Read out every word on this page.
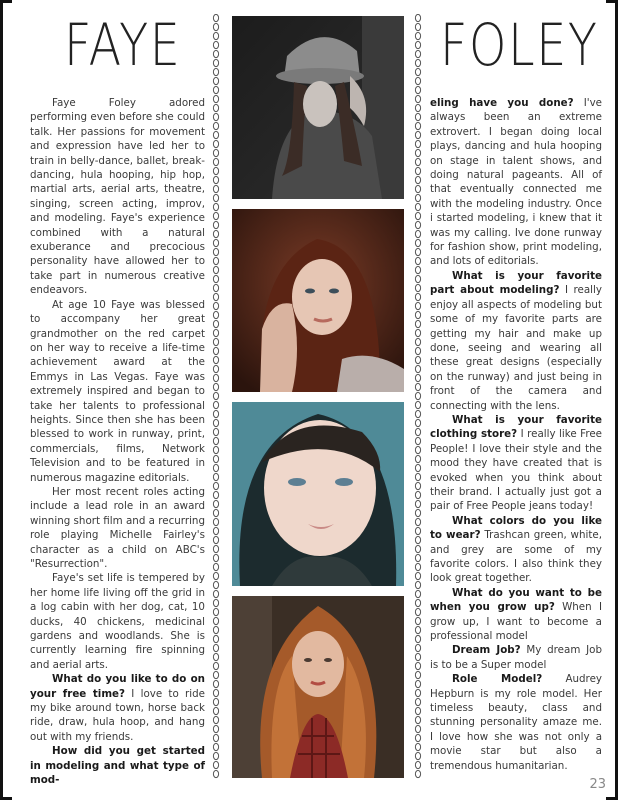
FAYE	FOLEY

Faye Foley adored performing even before she could talk. Her passions for movement and expression have led her to train in belly-dance, ballet, break-dancing, hula hooping, hip hop, martial arts, aerial arts, theatre, singing, screen acting, improv, and modeling. Faye's experience combined with a natural exuberance and precocious personality have allowed her to take part in numerous creative endeavors.

At age 10 Faye was blessed to accompany her great grandmother on the red carpet on her way to receive a life-time achievement award at the Emmys in Las Vegas. Faye was extremely inspired and began to take her talents to professional heights. Since then she has been blessed to work in runway, print, commercials, films, Network Television and to be featured in numerous magazine editorials.

Her most recent roles acting include a lead role in an award winning short film and a recurring role playing Michelle Fairley's character as a child on ABC's "Resurrection".

Faye's set life is tempered by her home life living off the grid in a log cabin with her dog, cat, 10 ducks, 40 chickens, medicinal gardens and woodlands. She is currently learning fire spinning and aerial arts.

What do you like to do on your free time? I love to ride my bike around town, horse back ride, draw, hula hoop, and hang out with my friends.

How did you get started in modeling and what type of mod-

eling have you done? I've always been an extreme extrovert. I began doing local plays, dancing and hula hooping on stage in talent shows, and doing natural pageants. All of that eventually connected me with the modeling industry. Once i started modeling, i knew that it was my calling. Ive done runway for fashion show, print modeling, and lots of editorials.

What is your favorite part about modeling? I really enjoy all aspects of modeling but some of my favorite parts are getting my hair and make up done, seeing and wearing all these great designs (especially on the runway) and just being in front of the camera and connecting with the lens.

What is your favorite clothing store? I really like Free People! I love their style and the mood they have created that is evoked when you think about their brand. I actually just got a pair of Free People jeans today!

What colors do you like to wear? Trashcan green, white, and grey are some of my favorite colors. I also think they look great together.

What do you want to be when you grow up? When I grow up, I want to become a professional model

Dream Job? My dream Job is to be a Super model

Role Model? Audrey Hepburn is my role model. Her timeless beauty, class and stunning personality amaze me. I love how she was not only a movie star but also a tremendous humanitarian.

23
